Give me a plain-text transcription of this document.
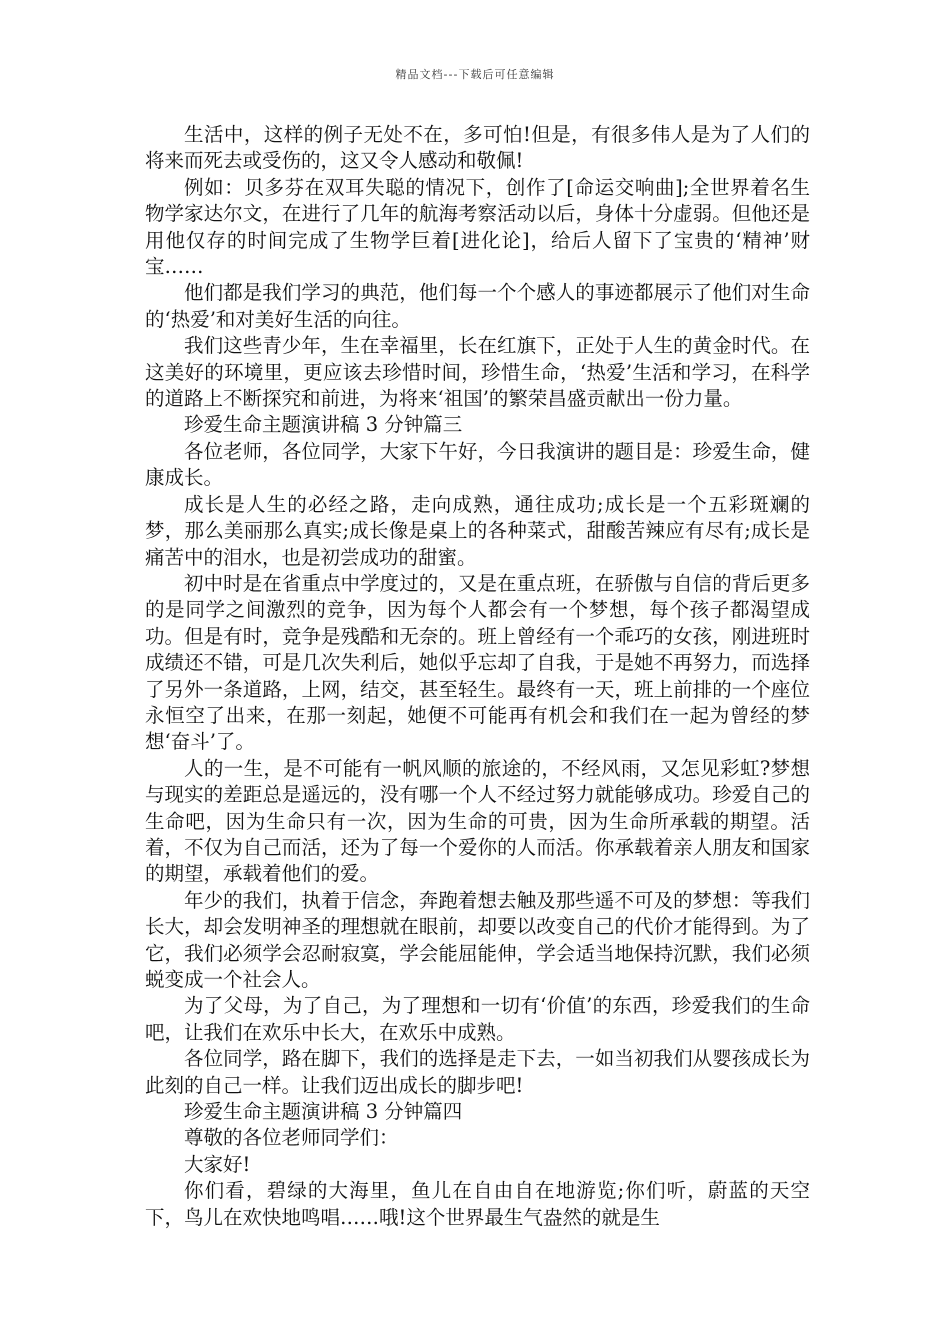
精品文档---下载后可任意编辑

生活中，这样的例子无处不在，多可怕!但是，有很多伟人是为了人们的将来而死去或受伤的，这又令人感动和敬佩!

例如：贝多芬在双耳失聪的情况下，创作了[命运交响曲];全世界着名生物学家达尔文，在进行了几年的航海考察活动以后，身体十分虚弱。但他还是用他仅存的时间完成了生物学巨着[进化论]，给后人留下了宝贵的‘精神’财宝……

他们都是我们学习的典范，他们每一个个感人的事迹都展示了他们对生命的‘热爱’和对美好生活的向往。

我们这些青少年，生在幸福里，长在红旗下，正处于人生的黄金时代。在这美好的环境里，更应该去珍惜时间，珍惜生命，‘热爱’生活和学习，在科学的道路上不断探究和前进，为将来‘祖国’的繁荣昌盛贡献出一份力量。

珍爱生命主题演讲稿 3 分钟篇三

各位老师，各位同学，大家下午好，今日我演讲的题目是：珍爱生命，健康成长。

成长是人生的必经之路，走向成熟，通往成功;成长是一个五彩斑斓的梦，那么美丽那么真实;成长像是桌上的各种菜式，甜酸苦辣应有尽有;成长是痛苦中的泪水，也是初尝成功的甜蜜。

初中时是在省重点中学度过的，又是在重点班，在骄傲与自信的背后更多的是同学之间激烈的竞争，因为每个人都会有一个梦想，每个孩子都渴望成功。但是有时，竞争是残酷和无奈的。班上曾经有一个乖巧的女孩，刚进班时成绩还不错，可是几次失利后，她似乎忘却了自我，于是她不再努力，而选择了另外一条道路，上网，结交，甚至轻生。最终有一天，班上前排的一个座位永恒空了出来，在那一刻起，她便不可能再有机会和我们在一起为曾经的梦想‘奋斗’了。

人的一生，是不可能有一帆风顺的旅途的，不经风雨，又怎见彩虹?梦想与现实的差距总是遥远的，没有哪一个人不经过努力就能够成功。珍爱自己的生命吧，因为生命只有一次，因为生命的可贵，因为生命所承载的期望。活着，不仅为自己而活，还为了每一个爱你的人而活。你承载着亲人朋友和国家的期望，承载着他们的爱。

年少的我们，执着于信念，奔跑着想去触及那些遥不可及的梦想：等我们长大，却会发明神圣的理想就在眼前，却要以改变自己的代价才能得到。为了它，我们必须学会忍耐寂寞，学会能屈能伸，学会适当地保持沉默，我们必须蜕变成一个社会人。

为了父母，为了自己，为了理想和一切有‘价值’的东西，珍爱我们的生命吧，让我们在欢乐中长大，在欢乐中成熟。

各位同学，路在脚下，我们的选择是走下去，一如当初我们从婴孩成长为此刻的自己一样。让我们迈出成长的脚步吧!

珍爱生命主题演讲稿 3 分钟篇四

尊敬的各位老师同学们：

大家好!

你们看，碧绿的大海里，鱼儿在自由自在地游览;你们听，蔚蓝的天空下，鸟儿在欢快地鸣唱……哦!这个世界最生气盎然的就是生
